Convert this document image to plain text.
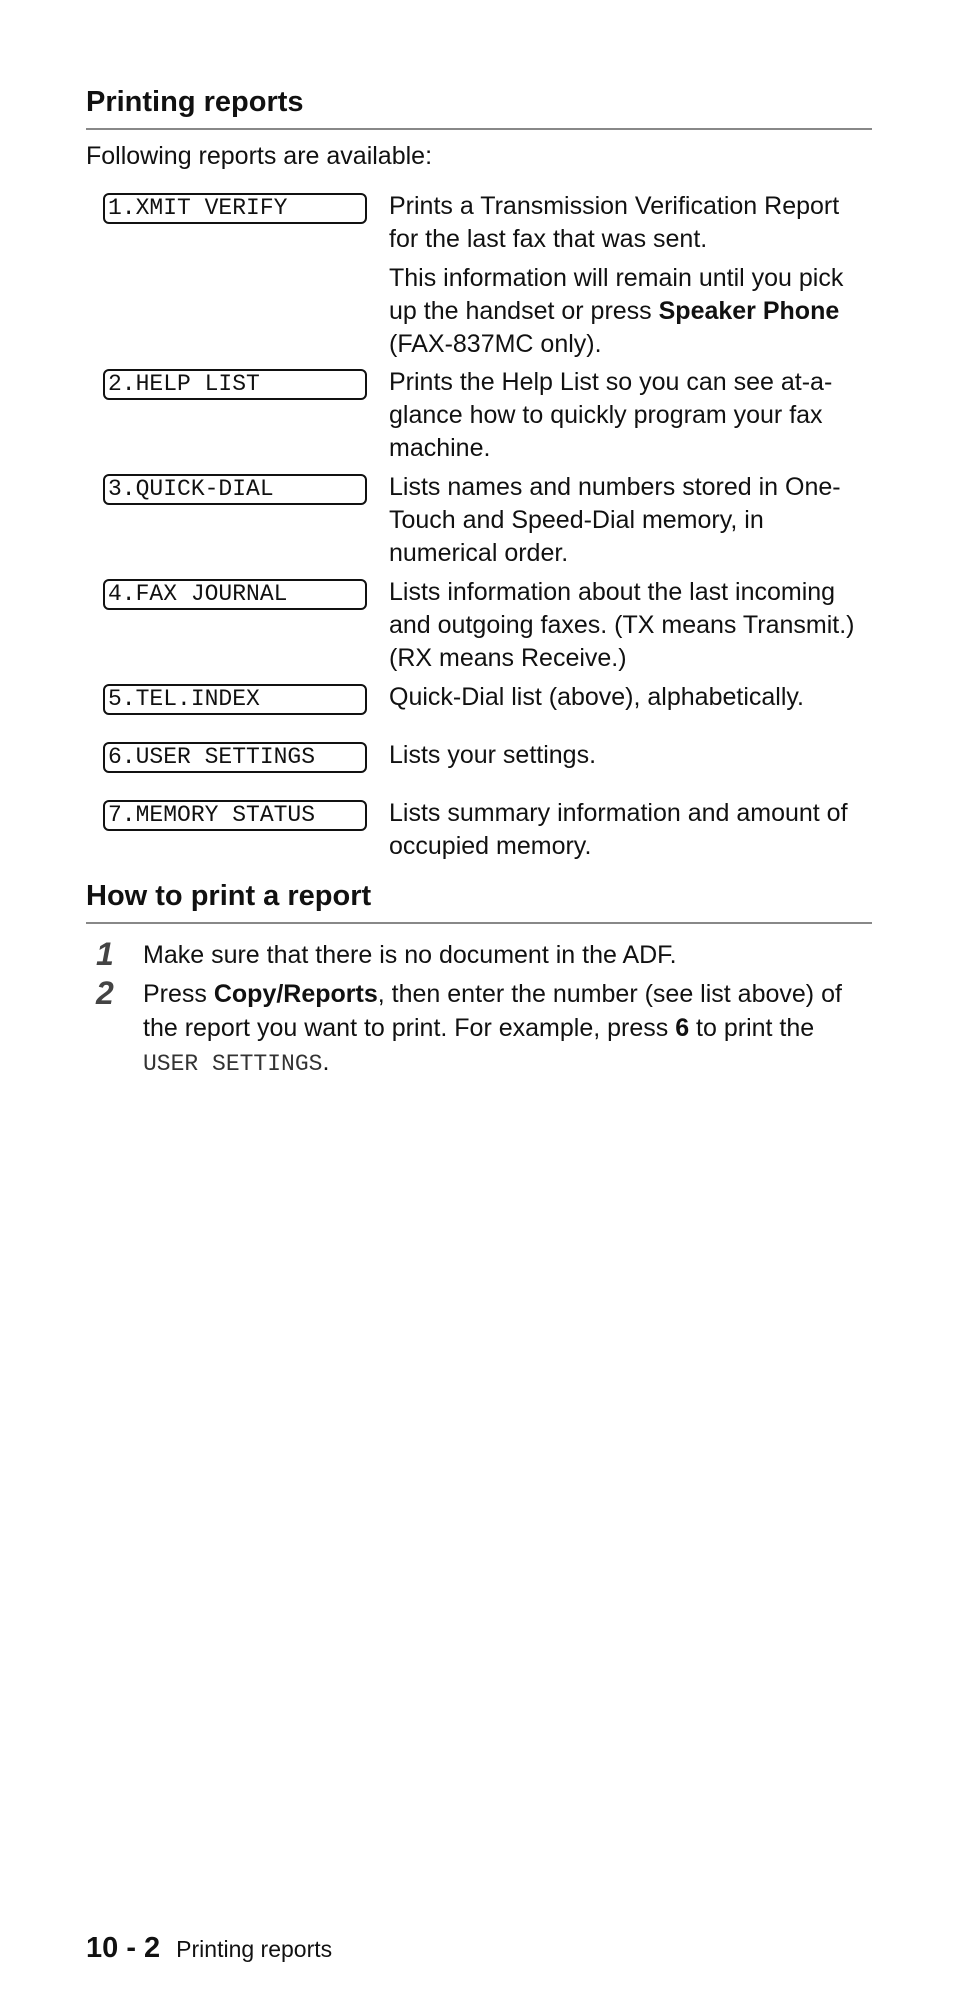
Printing reports
Following reports are available:
1.XMIT VERIFY	Prints a Transmission Verification Report for the last fax that was sent.

This information will remain until you pick up the handset or press Speaker Phone (FAX-837MC only).

2.HELP LIST	Prints the Help List so you can see at-a-glance how to quickly program your fax machine.
3.QUICK-DIAL	Lists names and numbers stored in One-Touch and Speed-Dial memory, in numerical order.
4.FAX JOURNAL	Lists information about the last incoming and outgoing faxes. (TX means Transmit.) (RX means Receive.)
5.TEL.INDEX	Quick-Dial list (above), alphabetically.
6.USER SETTINGS	Lists your settings.
7.MEMORY STATUS	Lists summary information and amount of occupied memory.
How to print a report
1 Make sure that there is no document in the ADF.
2 Press Copy/Reports, then enter the number (see list above) of the report you want to print. For example, press 6 to print the USER SETTINGS.
10 - 2 Printing reports
